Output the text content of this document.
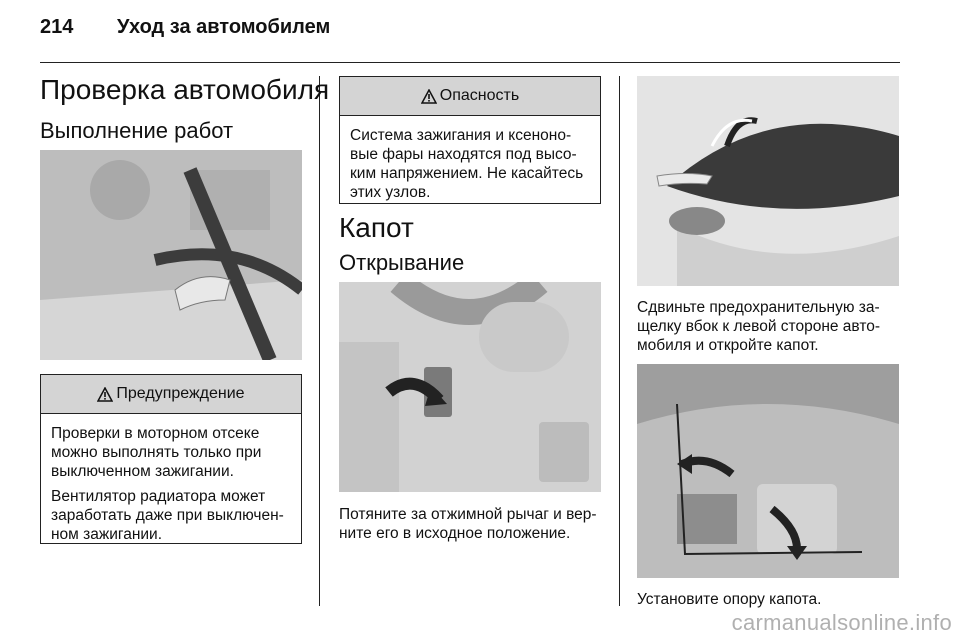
214 Уход за автомобилем
Проверка автомобиля
Выполнение работ
Предупреждение

Проверки в моторном отсеке можно выполнять только при выключенном зажигании.

Вентилятор радиатора может заработать даже при выключен-ном зажигании.

Опасность

Система зажигания и ксеноно-вые фары находятся под высо-ким напряжением. Не касайтесь этих узлов.

Капот
Открывание
Потяните за отжимной рычаг и вер-ните его в исходное положение.
Сдвиньте предохранительную за-щелку вбок к левой стороне авто-мобиля и откройте капот.
Установите опору капота.
carmanualsonline.info
